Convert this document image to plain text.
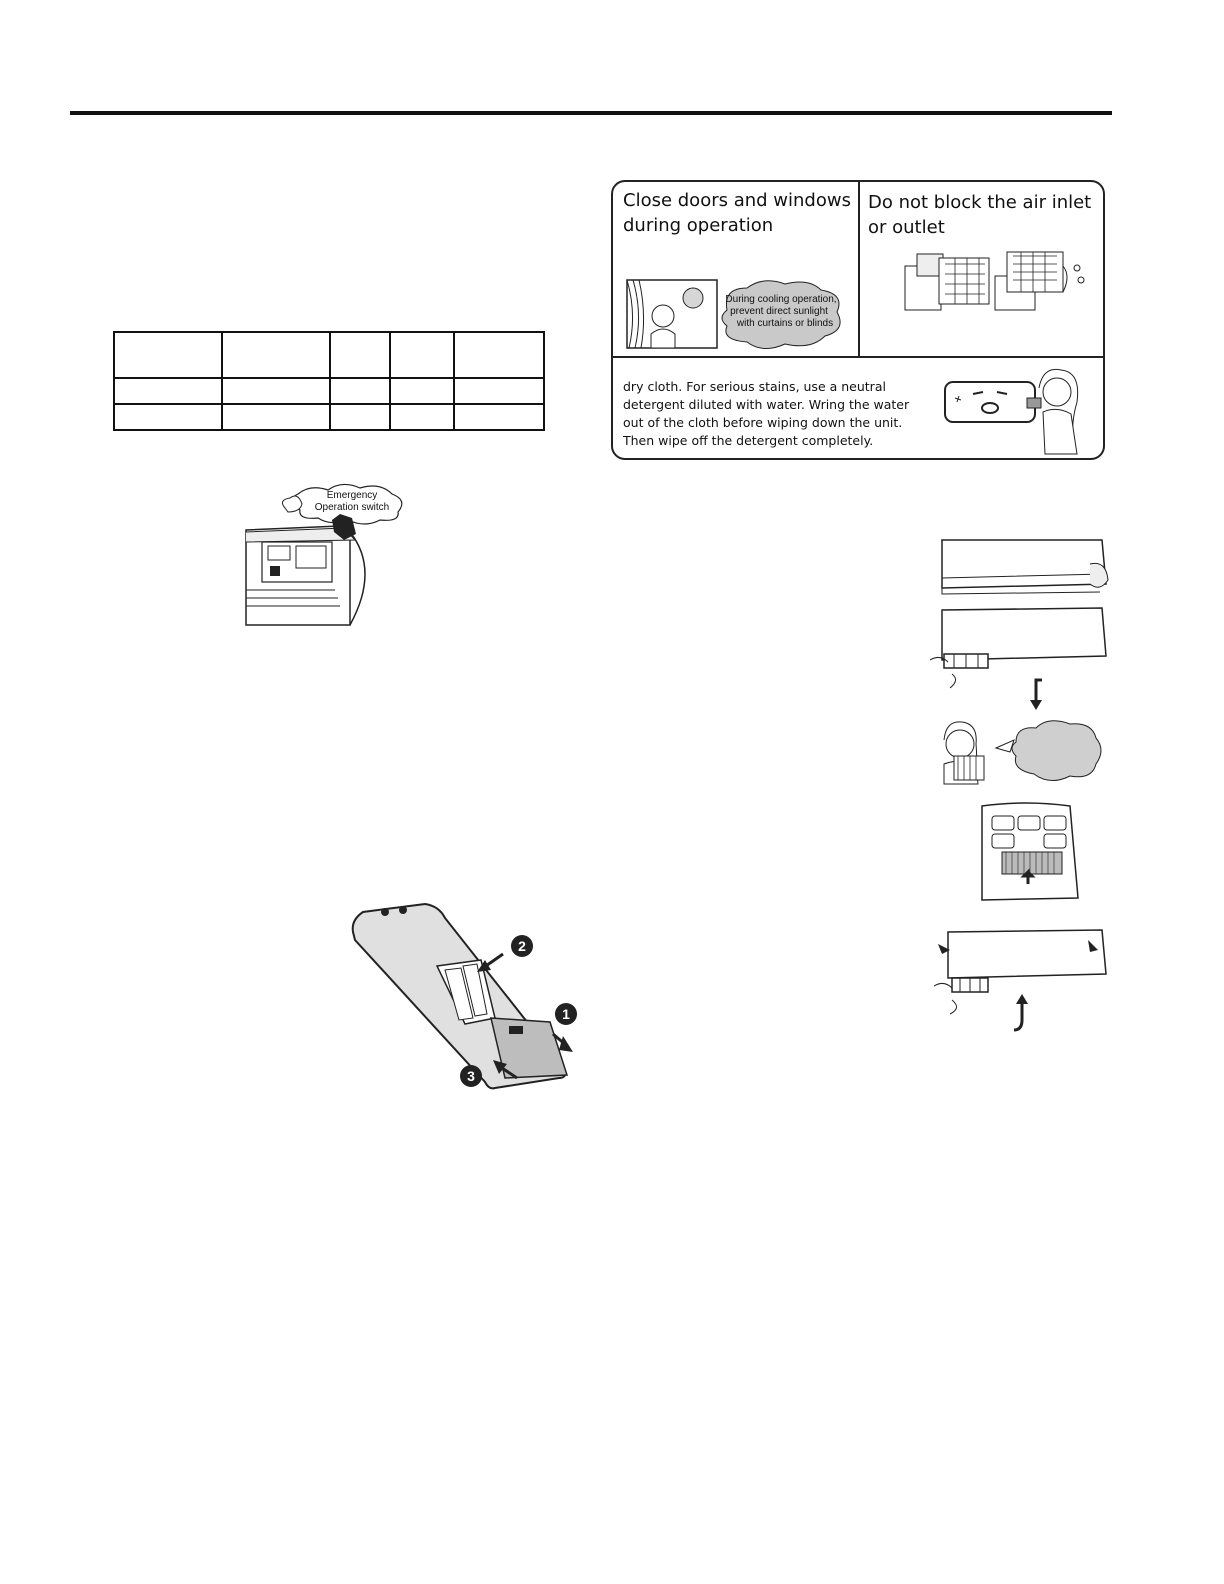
Emergency
Operation switch
2
1
3
Close doors and windows during operation
Do not block the air inlet or outlet
During cooling operation,
prevent direct sunlight
with curtains or blinds
dry cloth. For serious stains, use a neutral detergent diluted with water. Wring the water out of the cloth before wiping down the unit. Then wipe off the detergent completely.
